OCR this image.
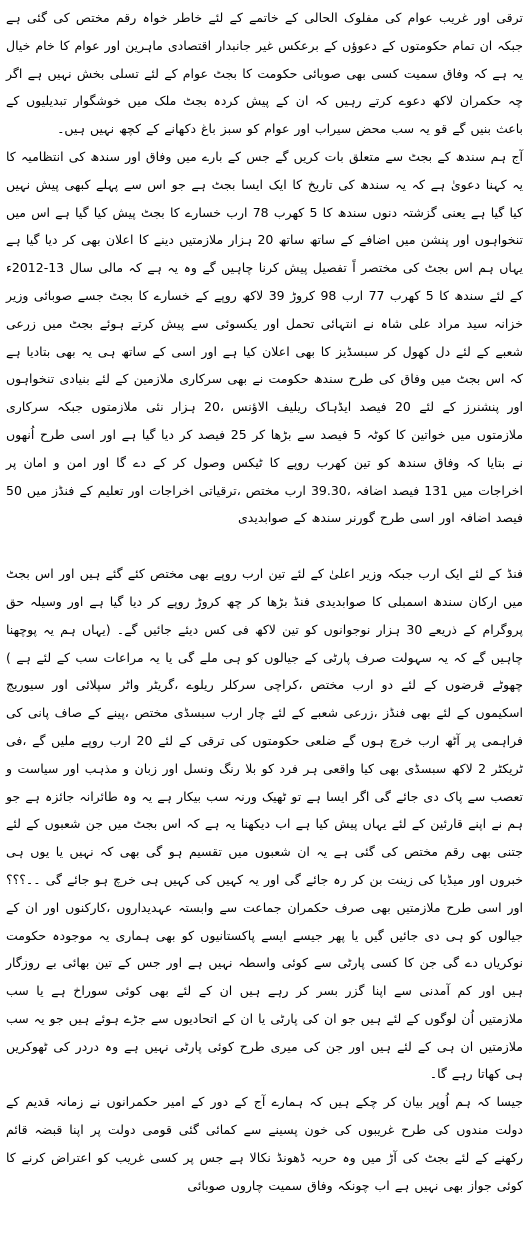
ترقی اور غریب عوام کی مفلوک الحالی کے خاتمے کے لئے خاطر خواہ رقم مختص کی گئی ہے جبکہ ان تمام حکومتوں کے دعوؤں کے برعکس غیر جانبدار اقتصادی ماہرین اور عوام کا خام خیال یہ ہے کہ وفاق سمیت کسی بھی صوبائی حکومت کا بجٹ عوام کے لئے تسلی بخش نہیں ہے اگر چہ حکمران لاکھ دعوے کرتے رہیں کہ ان کے پیش کردہ بجٹ ملک میں خوشگوار تبدیلیوں کے باعث بنیں گے قو یہ سب محض سیراب اور عوام کو سبز باغ دکھانے کے کچھ نہیں ہیں۔

آج ہم سندھ کے بجٹ سے متعلق بات کریں گے جس کے بارے میں وفاق اور سندھ کی انتظامیہ کا یہ کہنا دعویٰ ہے کہ یہ سندھ کی تاریخ کا ایک ایسا بجٹ ہے جو اس سے پہلے کبھی پیش نہیں کیا گیا ہے یعنی گزشتہ دنوں سندھ کا 5 کھرب 78 ارب خسارے کا بجٹ پیش کیا گیا ہے اس میں تنخواہوں اور پنشن میں اضافے کے ساتھ ساتھ 20 ہزار ملازمتیں دینے کا اعلان بھی کر دیا گیا ہے یہاں ہم اس بجٹ کی مختصر اً تفصیل پیش کرنا چاہیں گے وہ یہ ہے کہ مالی سال 13-2012ء کے لئے سندھ کا 5 کھرب 77 ارب 98 کروڑ 39 لاکھ روپے کے خسارے کا بجٹ جسے صوبائی وزیر خزانہ سید مراد علی شاہ نے انتہائی تحمل اور یکسوئی سے پیش کرتے ہوئے بجٹ میں زرعی شعبے کے لئے دل کھول کر سبسڈیز کا بھی اعلان کیا ہے اور اسی کے ساتھ ہی یہ بھی بتادیا ہے کہ اس بجٹ میں وفاق کی طرح سندھ حکومت نے بھی سرکاری ملازمین کے لئے بنیادی تنخواہوں اور پنشنرز کے لئے 20 فیصد ایڈہاک ریلیف الاؤنس ،20 ہزار نئی ملازمتوں جبکہ سرکاری ملازمتوں میں خواتین کا کوٹہ 5 فیصد سے بڑھا کر 25 فیصد کر دیا گیا ہے اور اسی طرح اُنھوں نے بتایا کہ وفاق سندھ کو تین کھرب روپے کا ٹیکس وصول کر کے دے گا اور امن و امان پر اخراجات میں 131 فیصد اضافہ ،39.30 ارب مختص ،ترقیاتی اخراجات اور تعلیم کے فنڈز میں 50 فیصد اضافہ اور اسی طرح گورنر سندھ کے صوابدیدی

فنڈ کے لئے ایک ارب جبکہ وزیر اعلیٰ کے لئے تین ارب روپے بھی مختص کئے گئے ہیں اور اس بجٹ میں ارکان سندھ اسمبلی کا صوابدیدی فنڈ بڑھا کر چھ کروڑ روپے کر دیا گیا ہے اور وسیلہ حق پروگرام کے ذریعے 30 ہزار نوجوانوں کو تین لاکھ فی کس دیئے جائیں گے۔ (یہاں ہم یہ پوچھنا چاہیں گے کہ یہ سہولت صرف پارٹی کے جیالوں کو ہی ملے گی یا یہ مراعات سب کے لئے ہے ) چھوٹے قرضوں کے لئے دو ارب مختص ،کراچی سرکلر ریلوے ،گریٹر واٹر سپلائی اور سیوریج اسکیموں کے لئے بھی فنڈز ،زرعی شعبے کے لئے چار ارب سبسڈی مختص ،پینے کے صاف پانی کی فراہمی پر آٹھ ارب خرچ ہوں گے ضلعی حکومتوں کی ترقی کے لئے 20 ارب روپے ملیں گے ،فی ٹریکٹر 2 لاکھ سبسڈی بھی کیا واقعی ہر فرد کو بلا رنگ ونسل اور زبان و مذہب اور سیاست و تعصب سے پاک دی جائے گی اگر ایسا ہے تو ٹھیک ورنہ سب بیکار ہے یہ وہ طائرانہ جائزہ ہے جو ہم نے اپنے قارئین کے لئے یہاں پیش کیا ہے اب دیکھنا یہ ہے کہ اس بجٹ میں جن شعبوں کے لئے جتنی بھی رقم مختص کی گئی ہے یہ ان شعبوں میں تقسیم ہو گی بھی کہ نہیں یا یوں ہی خبروں اور میڈیا کی زینت بن کر رہ جائے گی اور یہ کہیں کی کہیں ہی خرچ ہو جائے گی ۔۔؟؟؟ اور اسی طرح ملازمتیں بھی صرف حکمران جماعت سے وابستہ عہدیداروں ،کارکنوں اور ان کے جیالوں کو ہی دی جائیں گیں یا پھر جیسے ایسے پاکستانیوں کو بھی ہماری یہ موجودہ حکومت نوکریاں دے گی جن کا کسی پارٹی سے کوئی واسطہ نہیں ہے اور جس کے تین بھائی بے روزگار ہیں اور کم آمدنی سے اپنا گزر بسر کر رہے ہیں ان کے لئے بھی کوئی سوراخ ہے یا سب ملازمتیں اُن لوگوں کے لئے ہیں جو ان کی پارٹی یا ان کے اتحادیوں سے جڑے ہوئے ہیں جو یہ سب ملازمتیں ان ہی کے لئے ہیں اور جن کی میری طرح کوئی پارٹی نہیں ہے وہ دردر کی ٹھوکریں ہی کھاتا رہے گا۔

جیسا کہ ہم اُوپر بیان کر چکے ہیں کہ ہمارے آج کے دور کے امیر حکمرانوں نے زمانہ قدیم کے دولت مندوں کی طرح غریبوں کی خون پسینے سے کمائی گئی قومی دولت پر اپنا قبضہ قائم رکھنے کے لئے بجٹ کی آڑ میں وہ حربہ ڈھونڈ نکالا ہے جس پر کسی غریب کو اعتراض کرنے کا کوئی جواز بھی نہیں ہے اب چونکہ وفاق سمیت چاروں صوبائی
